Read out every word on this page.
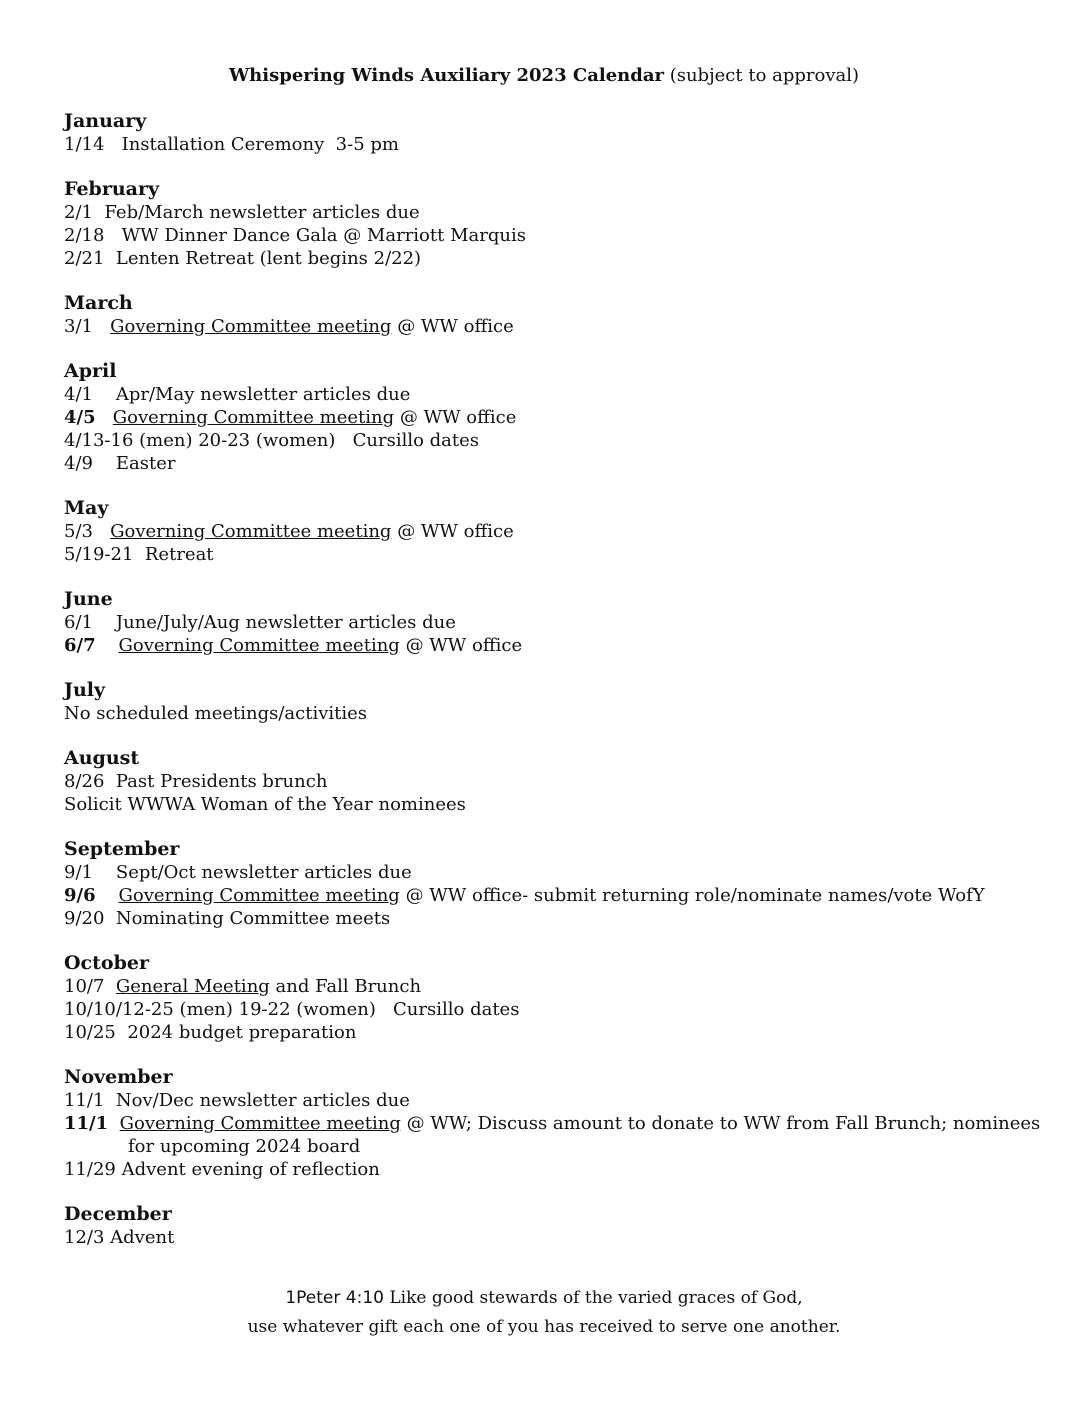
Whispering Winds Auxiliary 2023 Calendar (subject to approval)
January
1/14 Installation Ceremony  3-5 pm
February
2/1 Feb/March newsletter articles due
2/18 WW Dinner Dance Gala @ Marriott Marquis
2/21 Lenten Retreat (lent begins 2/22)
March
3/1 Governing Committee meeting @ WW office
April
4/1 Apr/May newsletter articles due
4/5 Governing Committee meeting @ WW office
4/13-16 (men) 20-23 (women) Cursillo dates
4/9 Easter
May
5/3 Governing Committee meeting @ WW office
5/19-21 Retreat
June
6/1 June/July/Aug newsletter articles due
6/7 Governing Committee meeting @ WW office
July
No scheduled meetings/activities
August
8/26 Past Presidents brunch
Solicit WWWA Woman of the Year nominees
September
9/1 Sept/Oct newsletter articles due
9/6 Governing Committee meeting @ WW office- submit returning role/nominate names/vote WofY
9/20 Nominating Committee meets
October
10/7 General Meeting and Fall Brunch
10/10/12-25 (men) 19-22 (women) Cursillo dates
10/25 2024 budget preparation
November
11/1 Nov/Dec newsletter articles due
11/1 Governing Committee meeting @ WW; Discuss amount to donate to WW from Fall Brunch; nominees for upcoming 2024 board
11/29 Advent evening of reflection
December
12/3 Advent
1Peter 4:10 Like good stewards of the varied graces of God,
use whatever gift each one of you has received to serve one another.
